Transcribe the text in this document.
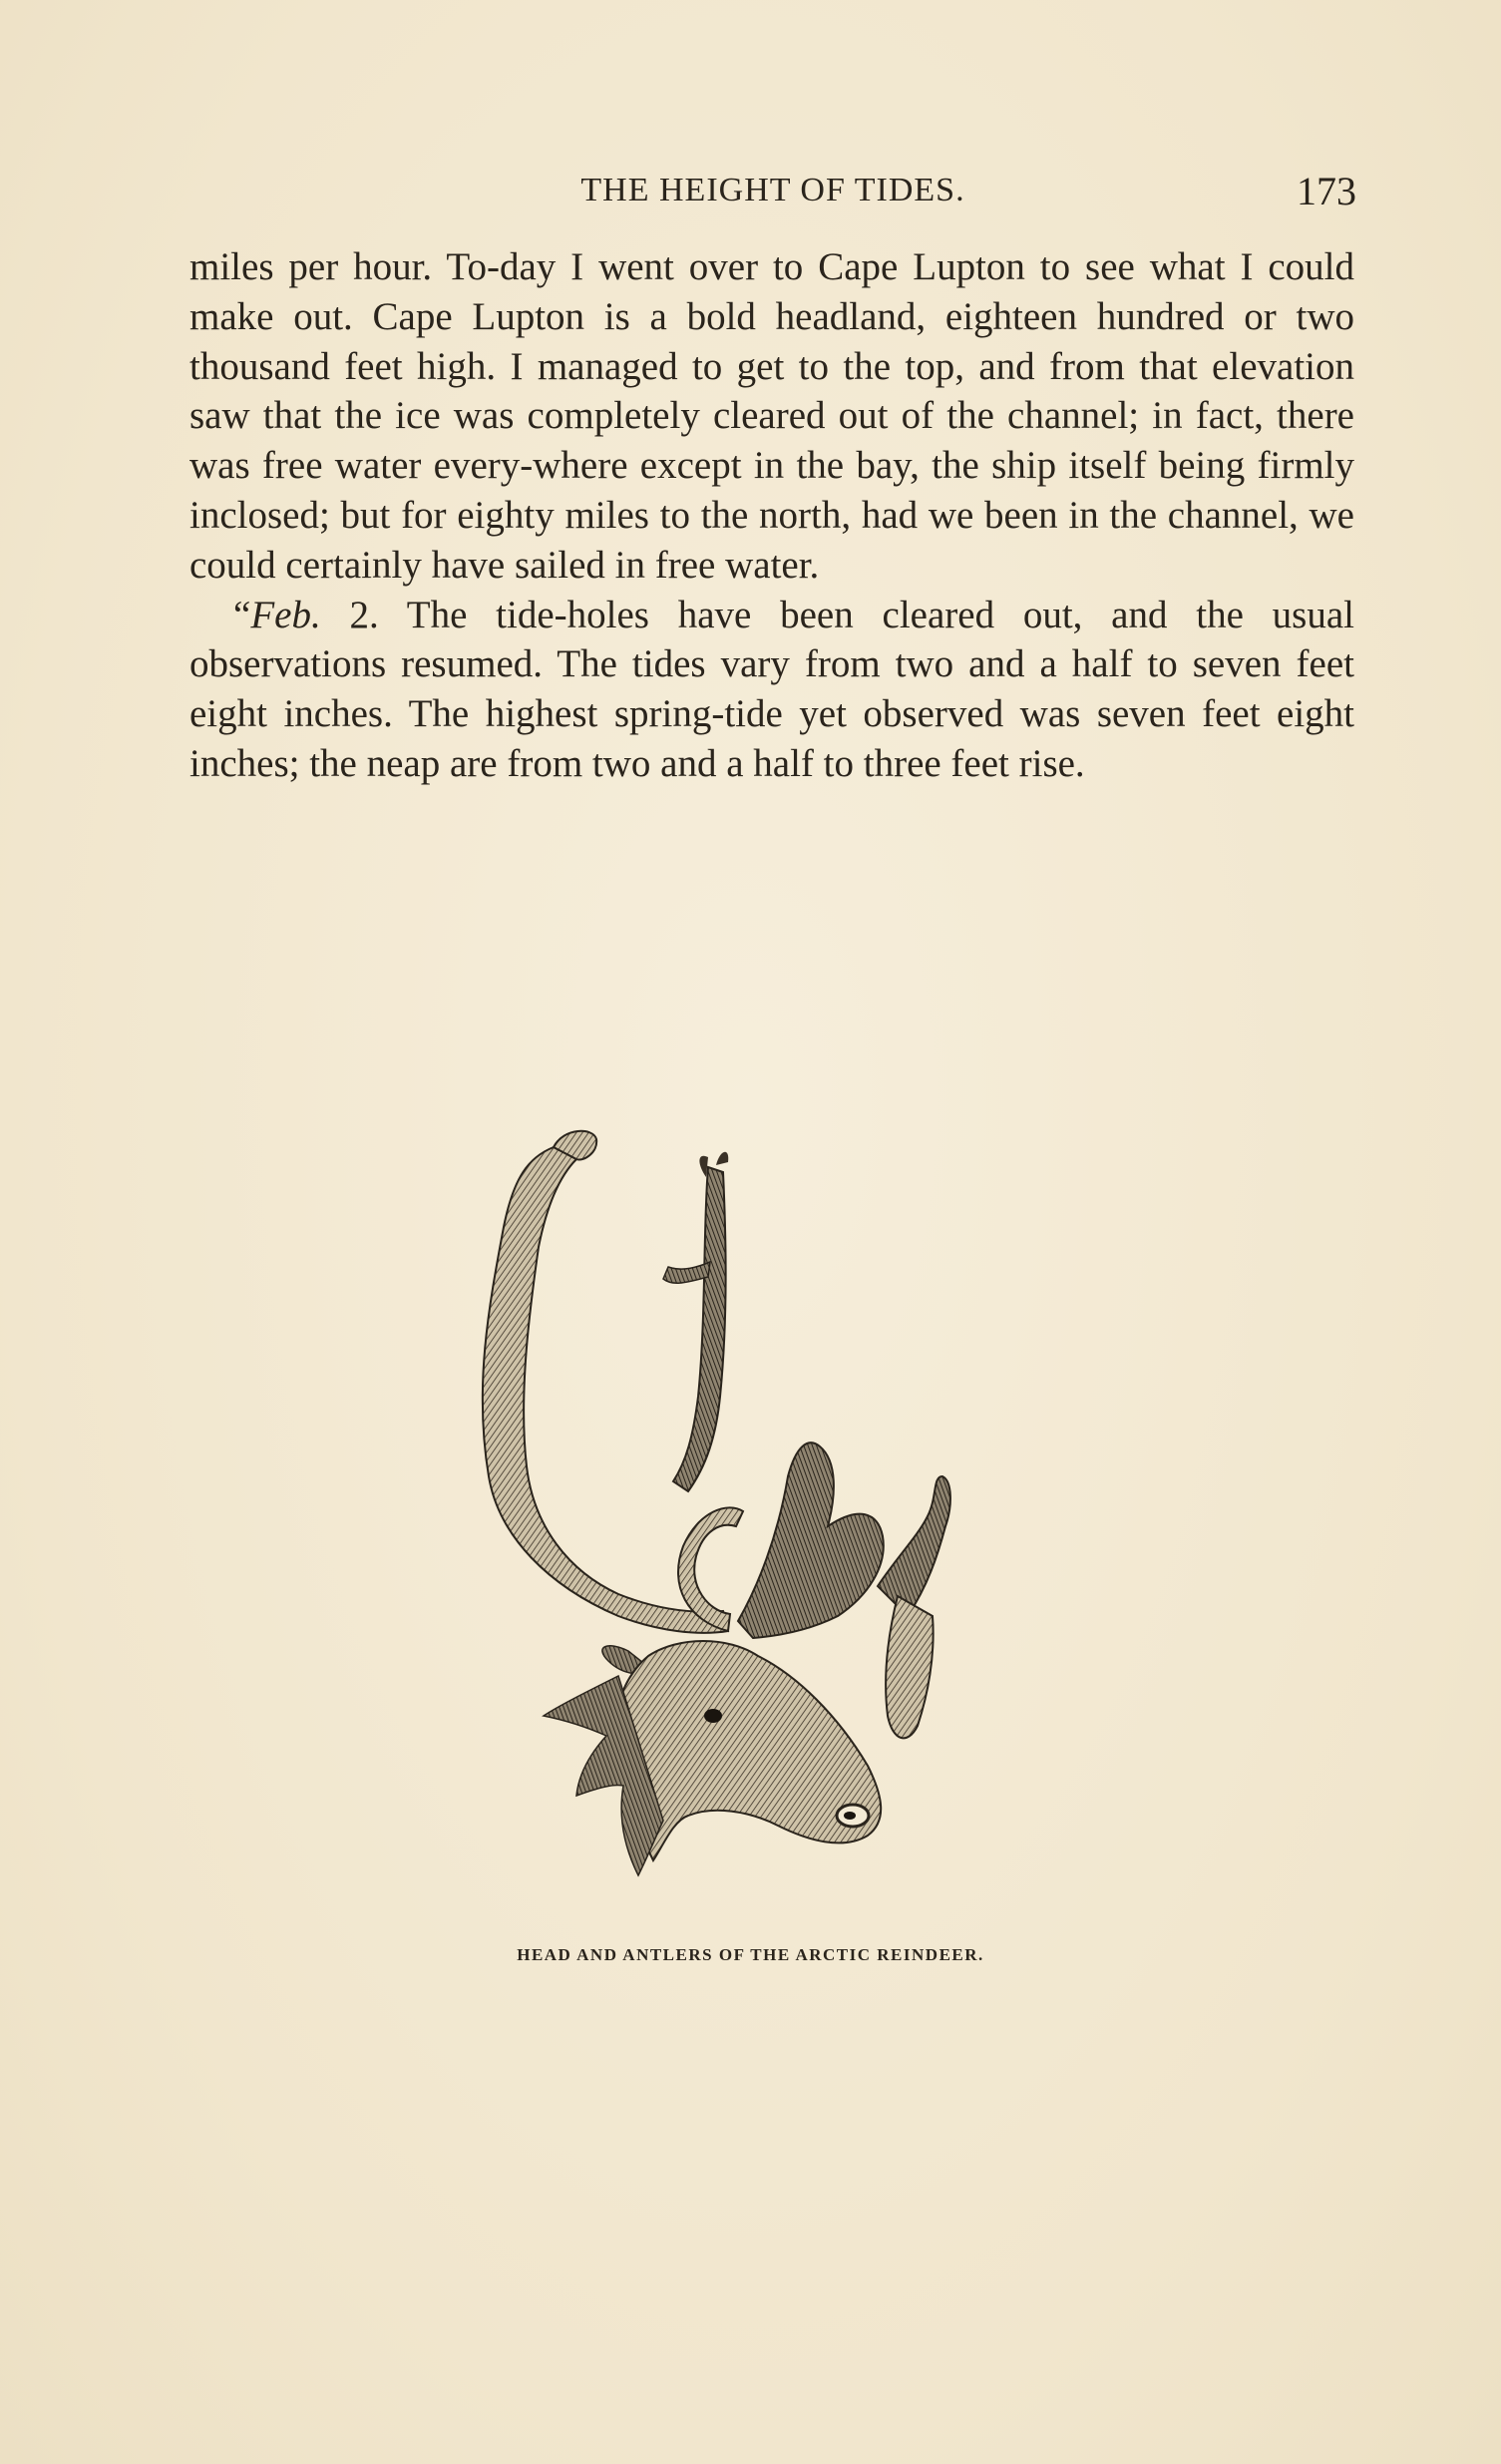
THE HEIGHT OF TIDES.	173

miles per hour. To-day I went over to Cape Lupton to see what I could make out. Cape Lupton is a bold headland, eighteen hundred or two thousand feet high. I managed to get to the top, and from that elevation saw that the ice was completely cleared out of the channel; in fact, there was free water every-where except in the bay, the ship itself being firmly inclosed; but for eighty miles to the north, had we been in the channel, we could certainly have sailed in free water.

“Feb. 2. The tide-holes have been cleared out, and the usual observations resumed. The tides vary from two and a half to seven feet eight inches. The highest spring-tide yet observed was seven feet eight inches; the neap are from two and a half to three feet rise.

HEAD AND ANTLERS OF THE ARCTIC REINDEER.
